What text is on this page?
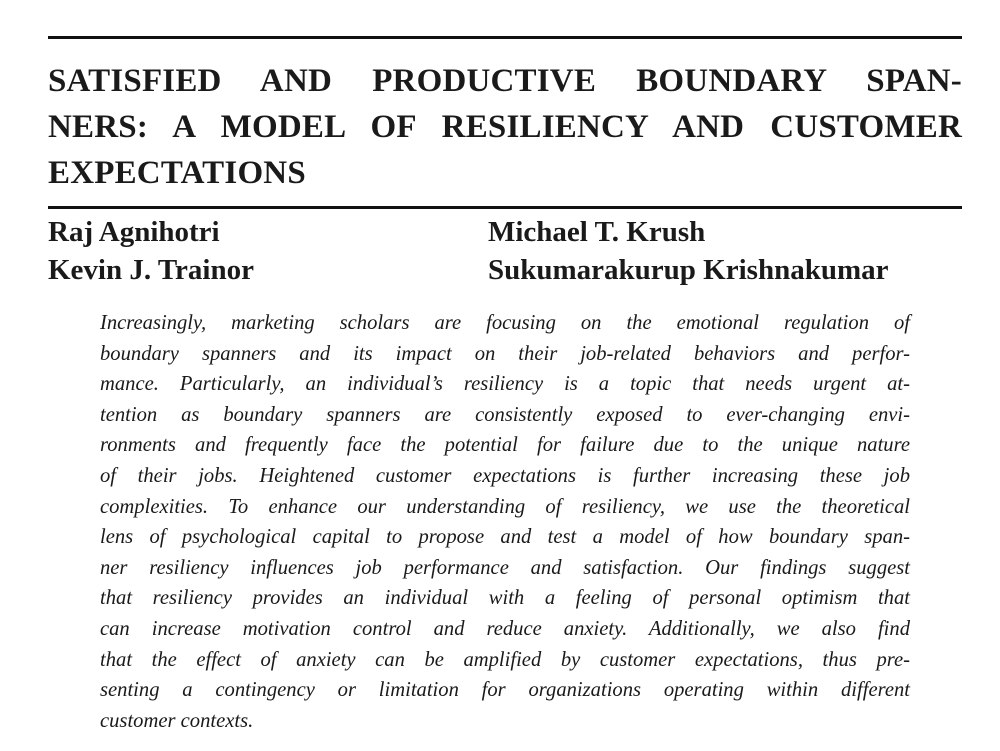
SATISFIED AND PRODUCTIVE BOUNDARY SPAN-
NERS: A MODEL OF RESILIENCY AND CUSTOMER
EXPECTATIONS
Raj Agnihotri
Kevin J. Trainor
Michael T. Krush
Sukumarakurup Krishnakumar
Increasingly, marketing scholars are focusing on the emotional regulation of
boundary spanners and its impact on their job-related behaviors and perfor-
mance. Particularly, an individual’s resiliency is a topic that needs urgent at-
tention as boundary spanners are consistently exposed to ever-changing envi-
ronments and frequently face the potential for failure due to the unique nature
of their jobs. Heightened customer expectations is further increasing these job
complexities. To enhance our understanding of resiliency, we use the theoretical
lens of psychological capital to propose and test a model of how boundary span-
ner resiliency influences job performance and satisfaction. Our findings suggest
that resiliency provides an individual with a feeling of personal optimism that
can increase motivation control and reduce anxiety. Additionally, we also find
that the effect of anxiety can be amplified by customer expectations, thus pre-
senting a contingency or limitation for organizations operating within different
customer contexts.
